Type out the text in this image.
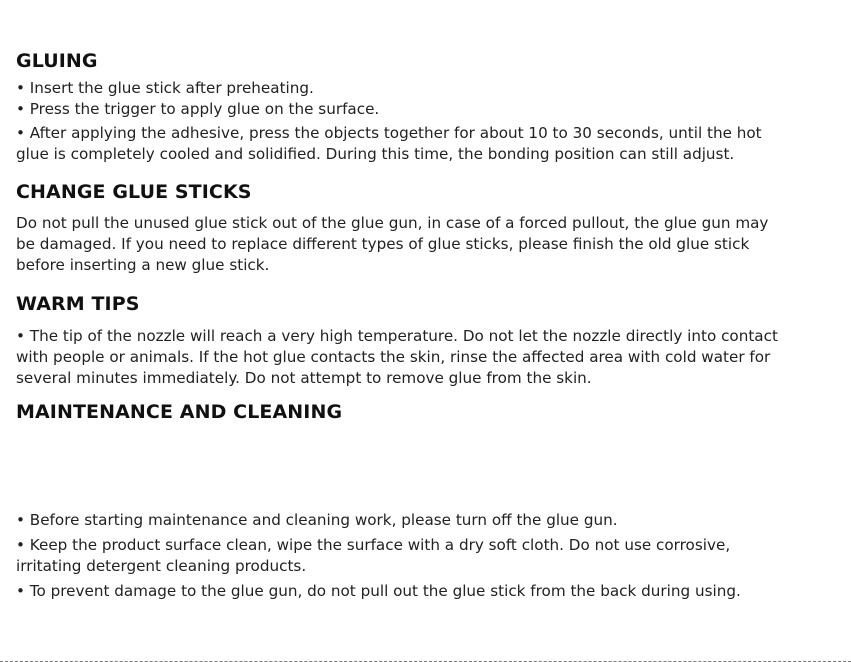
GLUING
• Insert the glue stick after preheating.
• Press the trigger to apply glue on the surface.
• After applying the adhesive, press the objects together for about 10 to 30 seconds, until the hot
glue is completely cooled and solidified. During this time, the bonding position can still adjust.
CHANGE GLUE STICKS
Do not pull the unused glue stick out of the glue gun, in case of a forced pullout, the glue gun may
be damaged. If you need to replace different types of glue sticks, please finish the old glue stick
before inserting a new glue stick.
WARM TIPS
• The tip of the nozzle will reach a very high temperature. Do not let the nozzle directly into contact
with people or animals. If the hot glue contacts the skin, rinse the affected area with cold water for
several minutes immediately. Do not attempt to remove glue from the skin.
MAINTENANCE AND CLEANING
• Before starting maintenance and cleaning work, please turn off the glue gun.
• Keep the product surface clean, wipe the surface with a dry soft cloth. Do not use corrosive,
irritating detergent cleaning products.
• To prevent damage to the glue gun, do not pull out the glue stick from the back during using.
